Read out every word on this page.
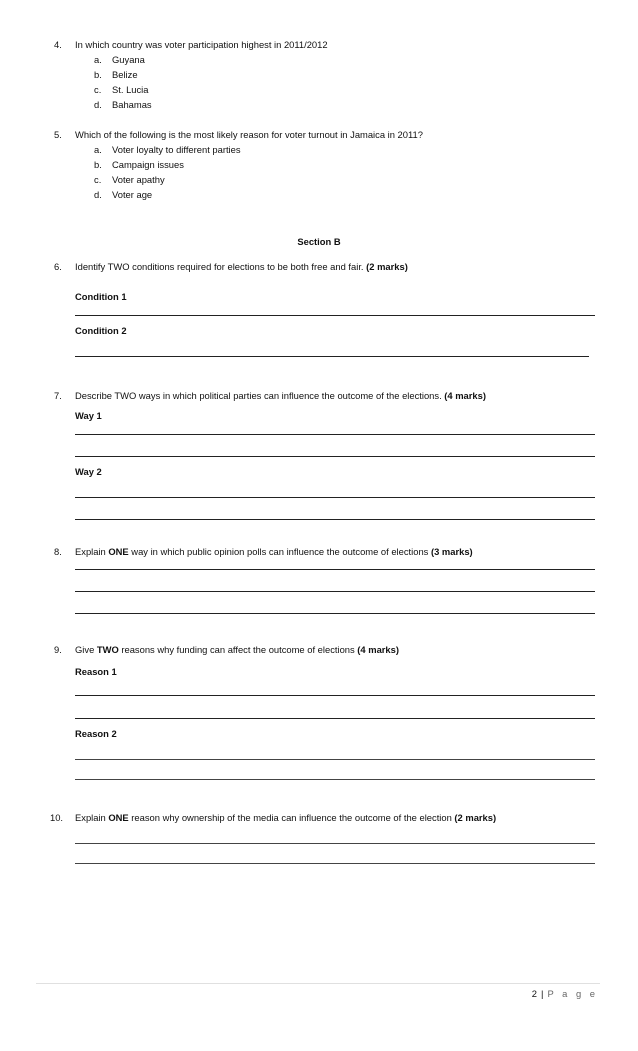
4. In which country was voter participation highest in 2011/2012
a. Guyana
b. Belize
c. St. Lucia
d. Bahamas
5. Which of the following is the most likely reason for voter turnout in Jamaica in 2011?
a. Voter loyalty to different parties
b. Campaign issues
c. Voter apathy
d. Voter age
Section B
6. Identify TWO conditions required for elections to be both free and fair. (2 marks)
Condition 1
Condition 2
7. Describe TWO ways in which political parties can influence the outcome of the elections. (4 marks)
Way 1
Way 2
8. Explain ONE way in which public opinion polls can influence the outcome of elections (3 marks)
9. Give TWO reasons why funding can affect the outcome of elections (4 marks)
Reason 1
Reason 2
10. Explain ONE reason why ownership of the media can influence the outcome of the election (2 marks)
2 | P a g e
